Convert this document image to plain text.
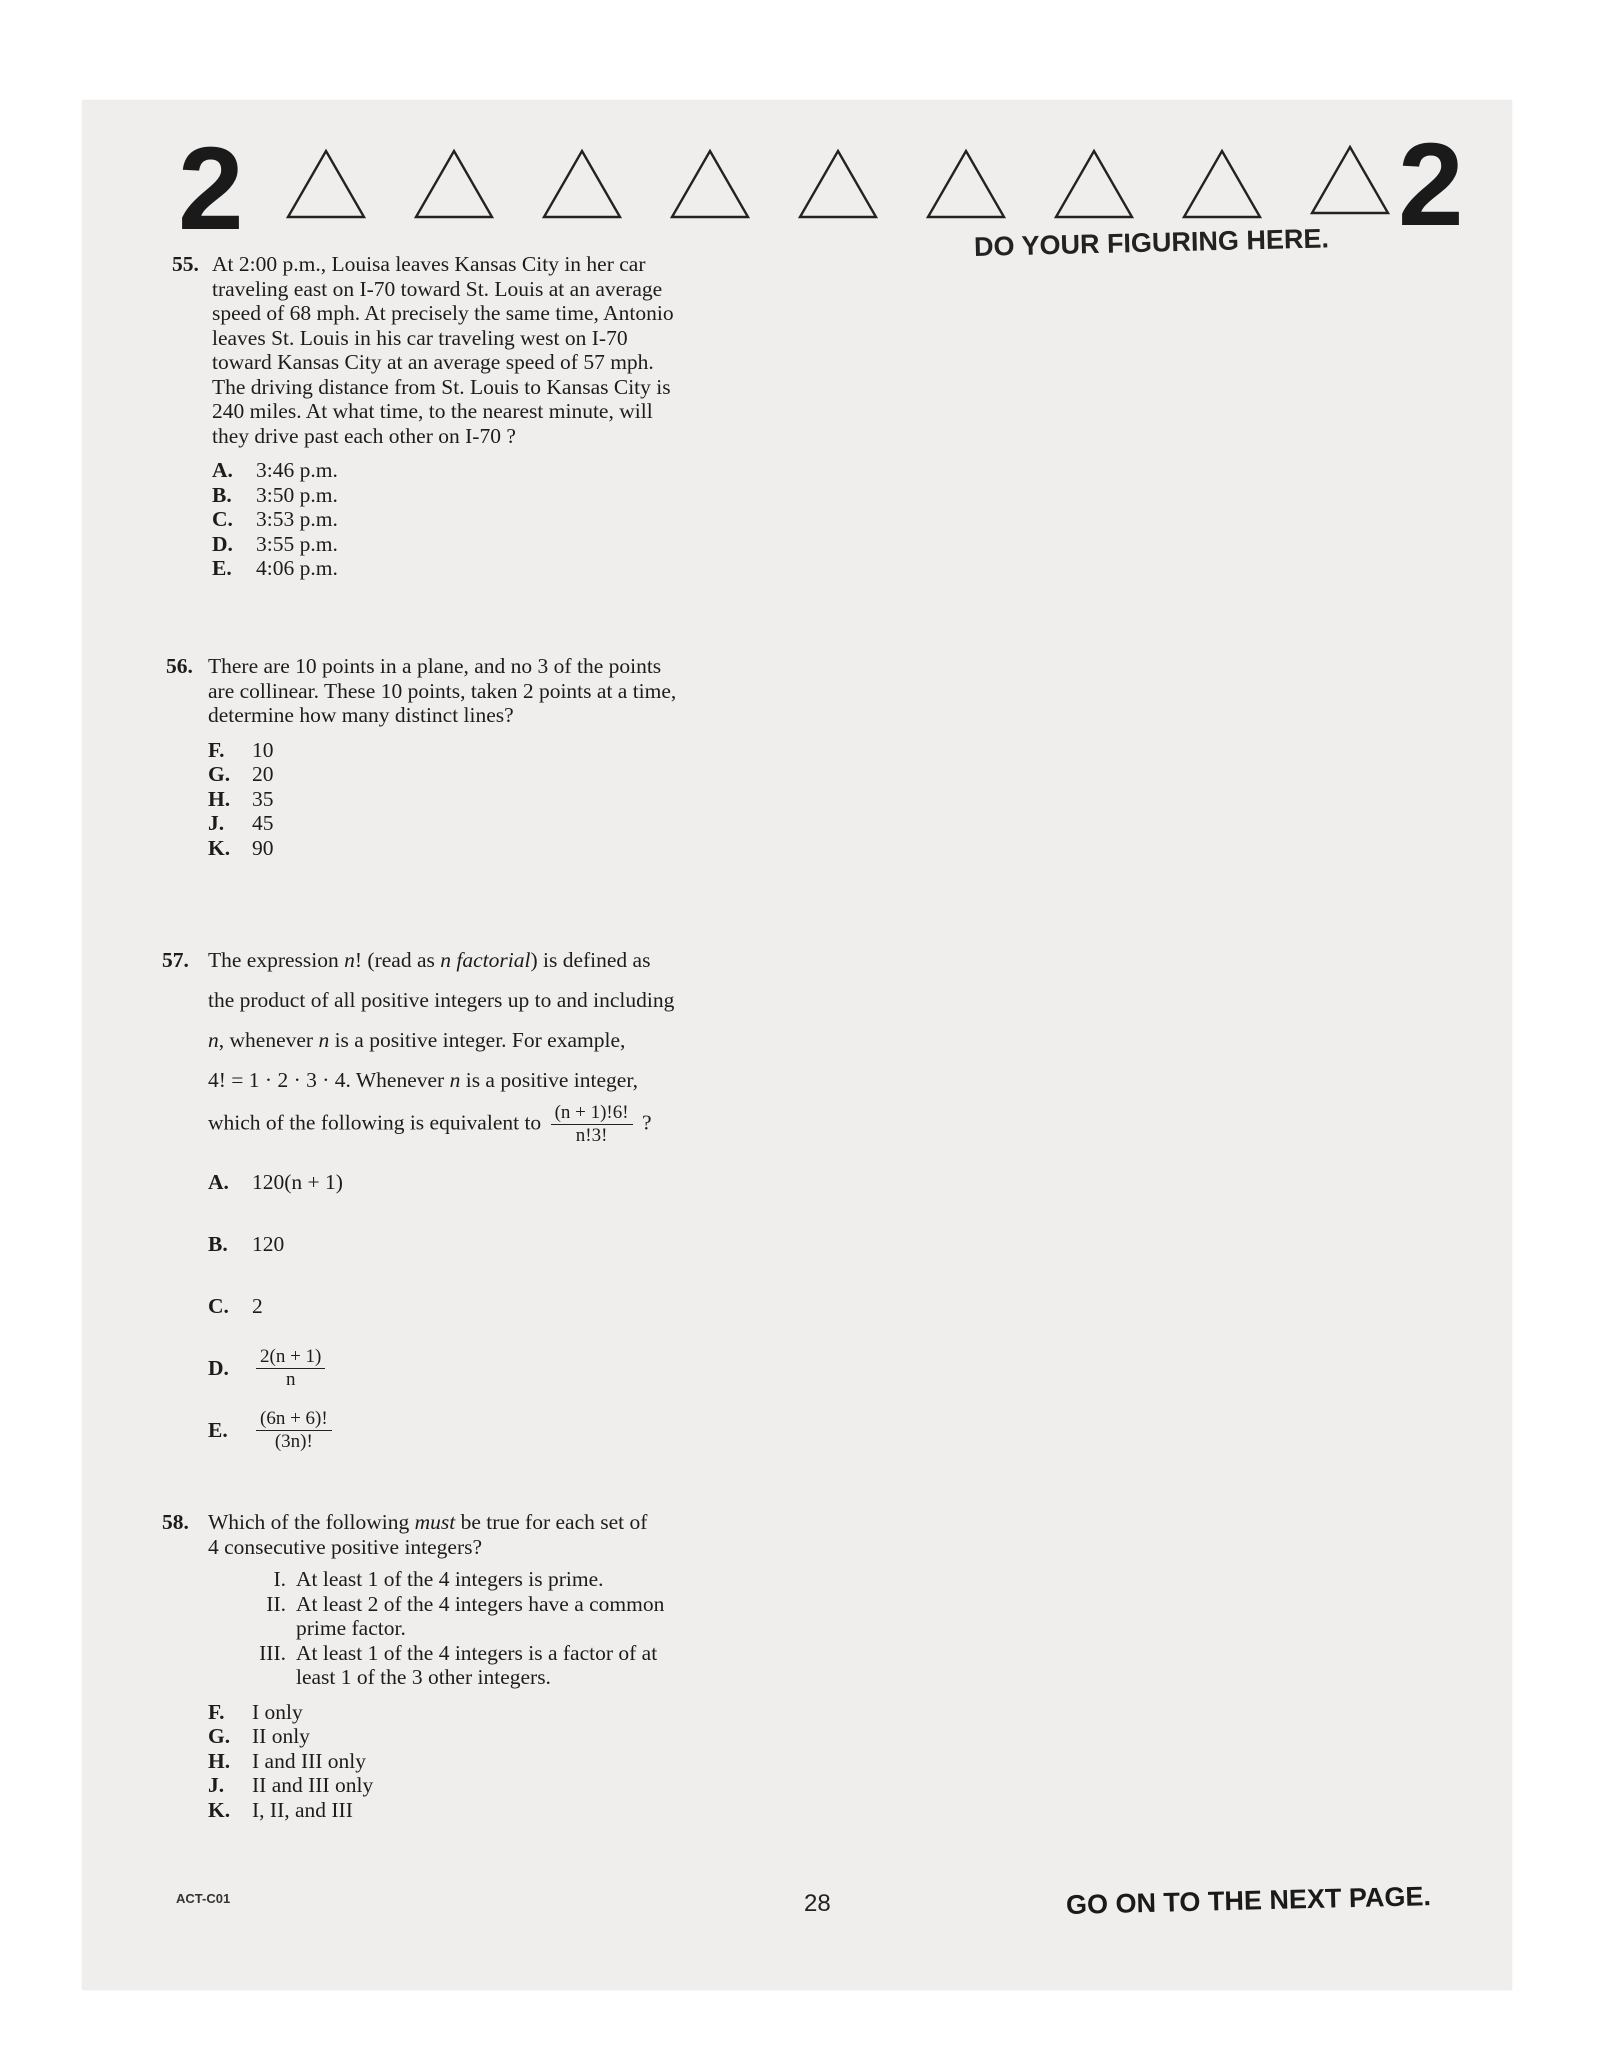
2	2
DO YOUR FIGURING HERE.
55. At 2:00 p.m., Louisa leaves Kansas City in her car
traveling east on I-70 toward St. Louis at an average
speed of 68 mph. At precisely the same time, Antonio
leaves St. Louis in his car traveling west on I-70
toward Kansas City at an average speed of 57 mph.
The driving distance from St. Louis to Kansas City is
240 miles. At what time, to the nearest minute, will
they drive past each other on I-70 ?
A.	3:46 p.m.
B.	3:50 p.m.
C.	3:53 p.m.
D.	3:55 p.m.
E.	4:06 p.m.
56. There are 10 points in a plane, and no 3 of the points
are collinear. These 10 points, taken 2 points at a time,
determine how many distinct lines?
F.	10
G.	20
H.	35
J.	45
K.	90
57. The expression n! (read as n factorial) is defined as
the product of all positive integers up to and including
n, whenever n is a positive integer. For example,
4! = 1 · 2 · 3 · 4. Whenever n is a positive integer,
which of the following is equivalent to $\frac{(n + 1)!6!}{n!3!}$ ?
A.	120(n + 1)
B.	120
C.	2
D.	$\frac{2(n + 1)}{n}$
E.	$\frac{(6n + 6)!}{(3n)!}$
58. Which of the following must be true for each set of
4 consecutive positive integers?
I. At least 1 of the 4 integers is prime.
II. At least 2 of the 4 integers have a common
prime factor.
III. At least 1 of the 4 integers is a factor of at
least 1 of the 3 other integers.
F.	I only
G.	II only
H.	I and III only
J.	II and III only
K.	I, II, and III
ACT-C01	28	GO ON TO THE NEXT PAGE.
